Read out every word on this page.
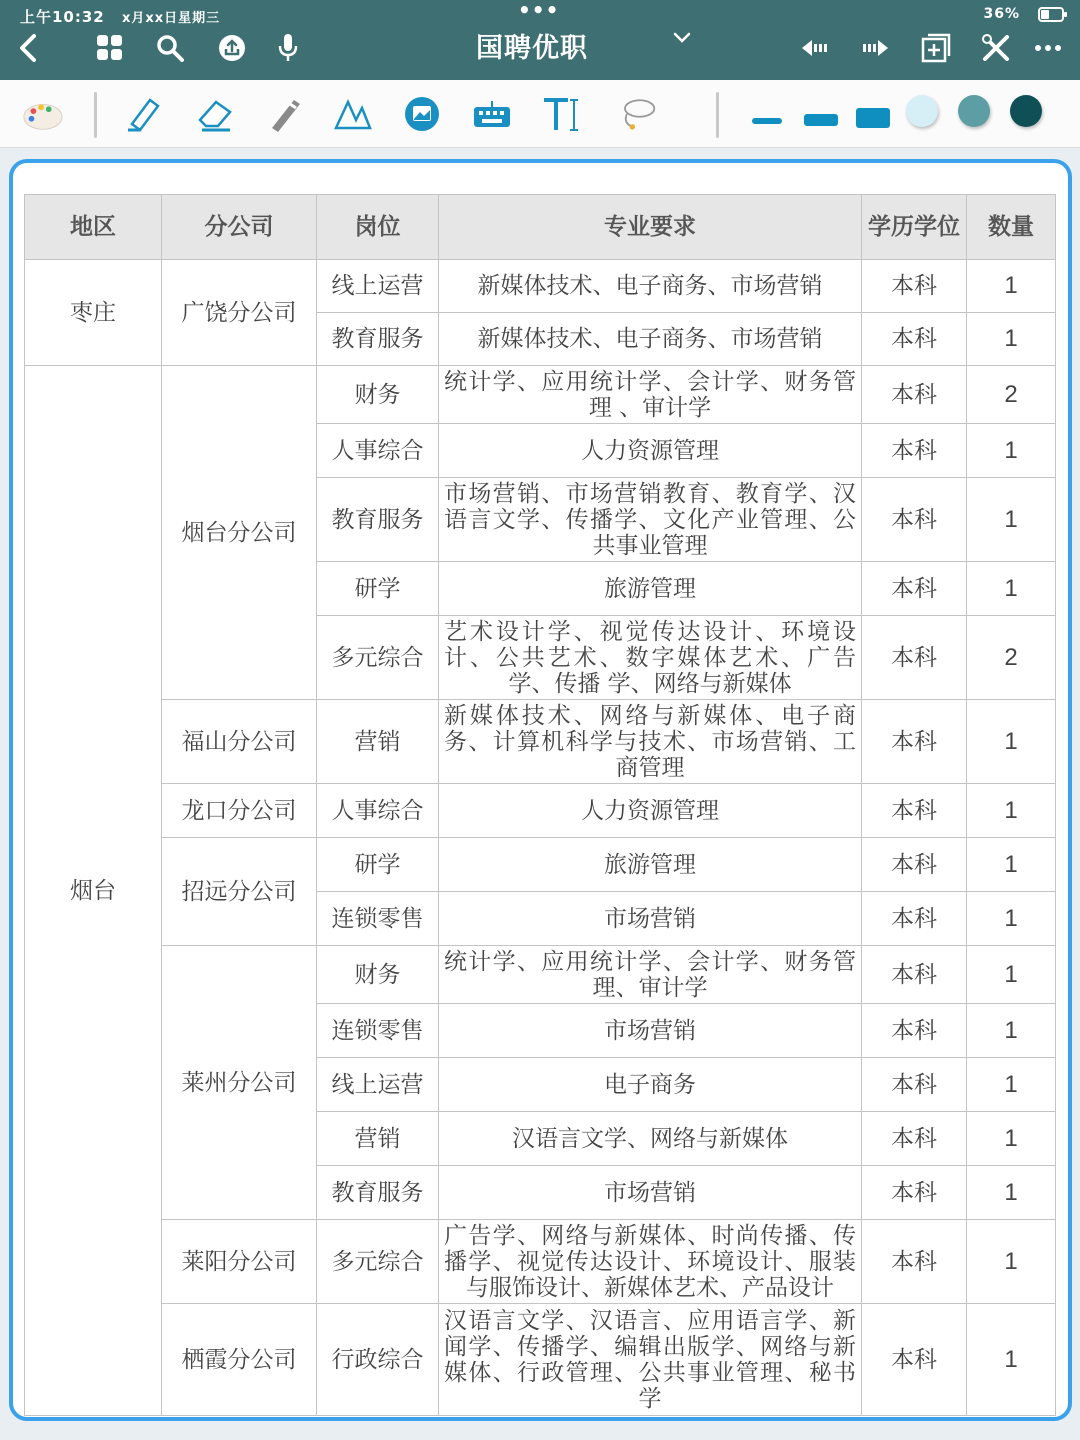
上午10:32 x月xx日星期三	•••	36%
国聘优职
地区	分公司	岗位	专业要求	学历学位	数量
枣庄	广饶分公司	线上运营	新媒体技术、电子商务、市场营销	本科	1
		教育服务	新媒体技术、电子商务、市场营销	本科	1
烟台	烟台分公司	财务	统计学、应用统计学、会计学、财务管理 、审计学	本科	2
		人事综合	人力资源管理	本科	1
		教育服务	市场营销、市场营销教育、教育学、汉语言文学、传播学、文化产业管理、公共事业管理	本科	1
		研学	旅游管理	本科	1
		多元综合	艺术设计学、视觉传达设计、环境设计、公共艺术、数字媒体艺术、广告学、传播 学、网络与新媒体	本科	2
	福山分公司	营销	新媒体技术、网络与新媒体、电子商务、计算机科学与技术、市场营销、工商管理	本科	1
	龙口分公司	人事综合	人力资源管理	本科	1
	招远分公司	研学	旅游管理	本科	1
		连锁零售	市场营销	本科	1
	莱州分公司	财务	统计学、应用统计学、会计学、财务管理、审计学	本科	1
		连锁零售	市场营销	本科	1
		线上运营	电子商务	本科	1
		营销	汉语言文学、网络与新媒体	本科	1
		教育服务	市场营销	本科	1
	莱阳分公司	多元综合	广告学、网络与新媒体、时尚传播、传播学、视觉传达设计、环境设计、服装与服饰设计、新媒体艺术、产品设计	本科	1
	栖霞分公司	行政综合	汉语言文学、汉语言、应用语言学、新闻学、传播学、编辑出版学、网络与新媒体、行政管理、公共事业管理、秘书学	本科	1
